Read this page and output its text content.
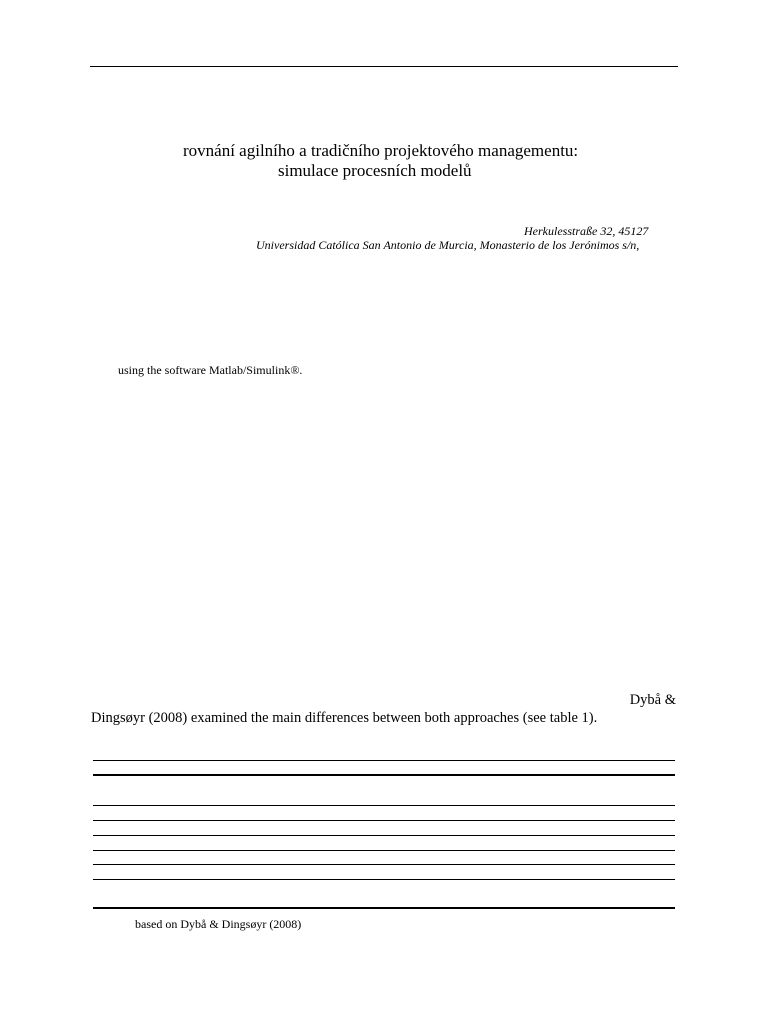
rovnání agilního a tradičního projektového managementu:
simulace procesních modelů
Herkulesstraße 32, 45127
Universidad Católica San Antonio de Murcia, Monasterio de los Jerónimos s/n,
using the software Matlab/Simulink®.
Dybå &
Dingsøyr (2008) examined the main differences between both approaches (see table 1).
based on Dybå & Dingsøyr (2008)
